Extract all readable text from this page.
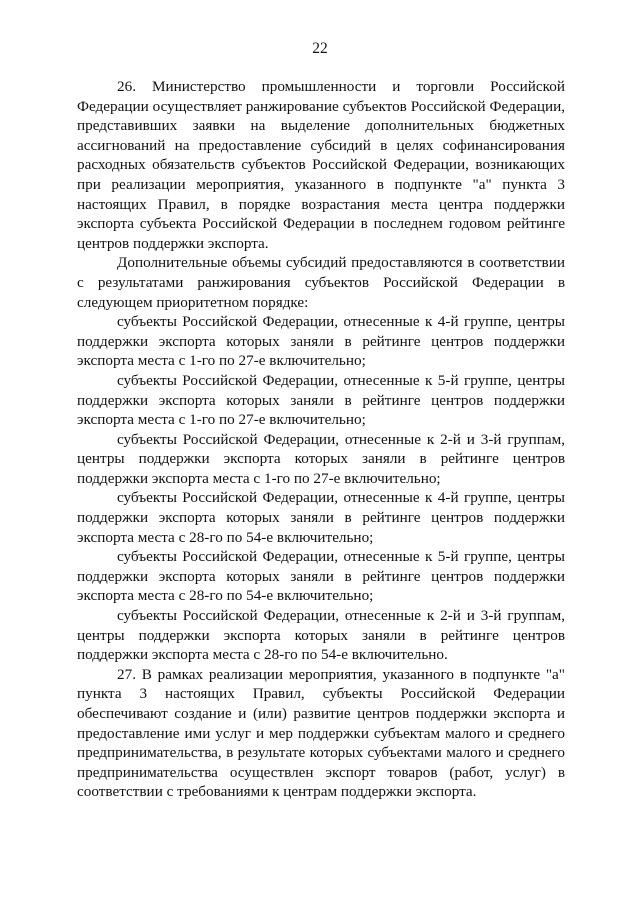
22

26. Министерство промышленности и торговли Российской Федерации осуществляет ранжирование субъектов Российской Федерации, представивших заявки на выделение дополнительных бюджетных ассигнований на предоставление субсидий в целях софинансирования расходных обязательств субъектов Российской Федерации, возникающих при реализации мероприятия, указанного в подпункте "а" пункта 3 настоящих Правил, в порядке возрастания места центра поддержки экспорта субъекта Российской Федерации в последнем годовом рейтинге центров поддержки экспорта.

Дополнительные объемы субсидий предоставляются в соответствии с результатами ранжирования субъектов Российской Федерации в следующем приоритетном порядке:

субъекты Российской Федерации, отнесенные к 4-й группе, центры поддержки экспорта которых заняли в рейтинге центров поддержки экспорта места с 1-го по 27-е включительно;

субъекты Российской Федерации, отнесенные к 5-й группе, центры поддержки экспорта которых заняли в рейтинге центров поддержки экспорта места с 1-го по 27-е включительно;

субъекты Российской Федерации, отнесенные к 2-й и 3-й группам, центры поддержки экспорта которых заняли в рейтинге центров поддержки экспорта места с 1-го по 27-е включительно;

субъекты Российской Федерации, отнесенные к 4-й группе, центры поддержки экспорта которых заняли в рейтинге центров поддержки экспорта места с 28-го по 54-е включительно;

субъекты Российской Федерации, отнесенные к 5-й группе, центры поддержки экспорта которых заняли в рейтинге центров поддержки экспорта места с 28-го по 54-е включительно;

субъекты Российской Федерации, отнесенные к 2-й и 3-й группам, центры поддержки экспорта которых заняли в рейтинге центров поддержки экспорта места с 28-го по 54-е включительно.

27. В рамках реализации мероприятия, указанного в подпункте "а" пункта 3 настоящих Правил, субъекты Российской Федерации обеспечивают создание и (или) развитие центров поддержки экспорта и предоставление ими услуг и мер поддержки субъектам малого и среднего предпринимательства, в результате которых субъектами малого и среднего предпринимательства осуществлен экспорт товаров (работ, услуг) в соответствии с требованиями к центрам поддержки экспорта.
